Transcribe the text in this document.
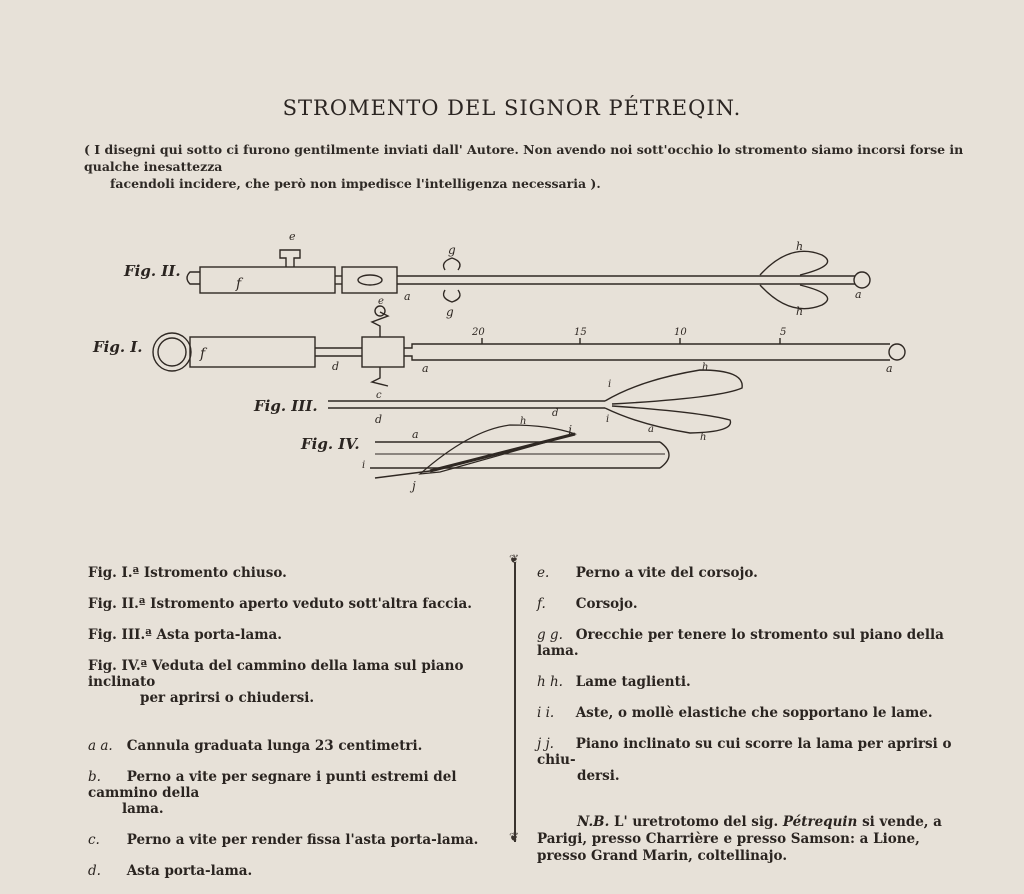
STROMENTO DEL SIGNOR PÉTREQIN.
( I disegni qui sotto ci furono gentilmente inviati dall' Autore. Non avendo noi sott'occhio lo stromento siamo incorsi forse in qualche inesattezza
facendoli incidere, che però non impedisce l'intelligenza necessaria ).
Fig. II.
Fig. I.
Fig. III.
Fig. IV.
f
e
a
g
g
h
h
a
f
e
d	a
c
20	15	10	5
a
i
i
h
d	d
a
h
j	a
h
i
j
Fig. I.ª Istromento chiuso.
Fig. II.ª Istromento aperto veduto sott'altra faccia.
Fig. III.ª Asta porta-lama.
Fig. IV.ª Veduta del cammino della lama sul piano inclinato
per aprirsi o chiudersi.
a a. Cannula graduata lunga 23 centimetri.
b. Perno a vite per segnare i punti estremi del cammino della
lama.
c. Perno a vite per render fissa l'asta porta-lama.
d. Asta porta-lama.
❦
❦
e. Perno a vite del corsojo.
f. Corsojo.
g g. Orecchie per tenere lo stromento sul piano della lama.
h h. Lame taglienti.
i i. Aste, o mollè elastiche che sopportano le lame.
j j. Piano inclinato su cui scorre la lama per aprirsi o chiu-
dersi.
N.B. L' uretrotomo del sig. Pétrequin si vende, a Parigi, presso Charrière e presso Samson: a Lione, presso Grand Marin, coltellinajo.
